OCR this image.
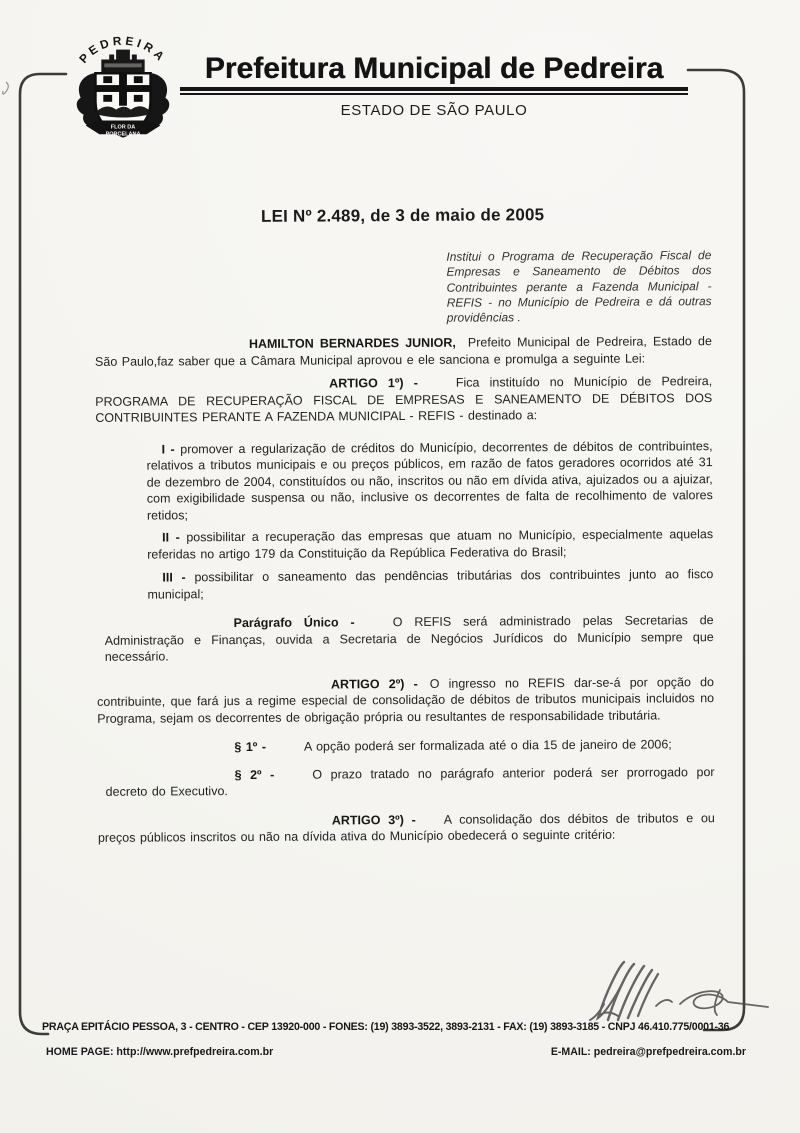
PEDREIRA
FLOR DA
PORCELANA
Prefeitura Municipal de Pedreira
ESTADO DE SÃO PAULO
LEI Nº 2.489, de 3 de maio de 2005

Institui o Programa de Recuperação Fiscal de Empresas e Saneamento de Débitos dos Contribuintes perante a Fazenda Municipal - REFIS - no Município de Pedreira e dá outras providências .

HAMILTON BERNARDES JUNIOR, Prefeito Municipal de Pedreira, Estado de São Paulo,faz saber que a Câmara Municipal aprovou e ele sanciona e promulga a seguinte Lei:

ARTIGO 1º) -	Fica instituído no Município de Pedreira, PROGRAMA DE RECUPERAÇÃO FISCAL DE EMPRESAS E SANEAMENTO DE DÉBITOS DOS CONTRIBUINTES PERANTE A FAZENDA MUNICIPAL - REFIS - destinado a:

I - promover a regularização de créditos do Município, decorrentes de débitos de contribuintes, relativos a tributos municipais e ou preços públicos, em razão de fatos geradores ocorridos até 31 de dezembro de 2004, constituídos ou não, inscritos ou não em dívida ativa, ajuizados ou a ajuizar, com exigibilidade suspensa ou não, inclusive os decorrentes de falta de recolhimento de valores retidos;

II - possibilitar a recuperação das empresas que atuam no Município, especialmente aquelas referidas no artigo 179 da Constituição da República Federativa do Brasil;

III - possibilitar o saneamento das pendências tributárias dos contribuintes junto ao fisco municipal;

Parágrafo Único -	O REFIS será administrado pelas Secretarias de Administração e Finanças, ouvida a Secretaria de Negócios Jurídicos do Município sempre que necessário.

ARTIGO 2º) - O ingresso no REFIS dar-se-á por opção do contribuinte, que fará jus a regime especial de consolidação de débitos de tributos municipais incluidos no Programa, sejam os decorrentes de obrigação própria ou resultantes de responsabilidade tributária.

§ 1º -	A opção poderá ser formalizada até o dia 15 de janeiro de 2006;

§ 2º -	O prazo tratado no parágrafo anterior poderá ser prorrogado por decreto do Executivo.

ARTIGO 3º) - A consolidação dos débitos de tributos e ou preços públicos inscritos ou não na dívida ativa do Município obedecerá o seguinte critério:

PRAÇA EPITÁCIO PESSOA, 3 - CENTRO - CEP 13920-000 - FONES: (19) 3893-3522, 3893-2131 - FAX: (19) 3893-3185 - CNPJ 46.410.775/0001-36
HOME PAGE: http://www.prefpedreira.com.br	E-MAIL: pedreira@prefpedreira.com.br
